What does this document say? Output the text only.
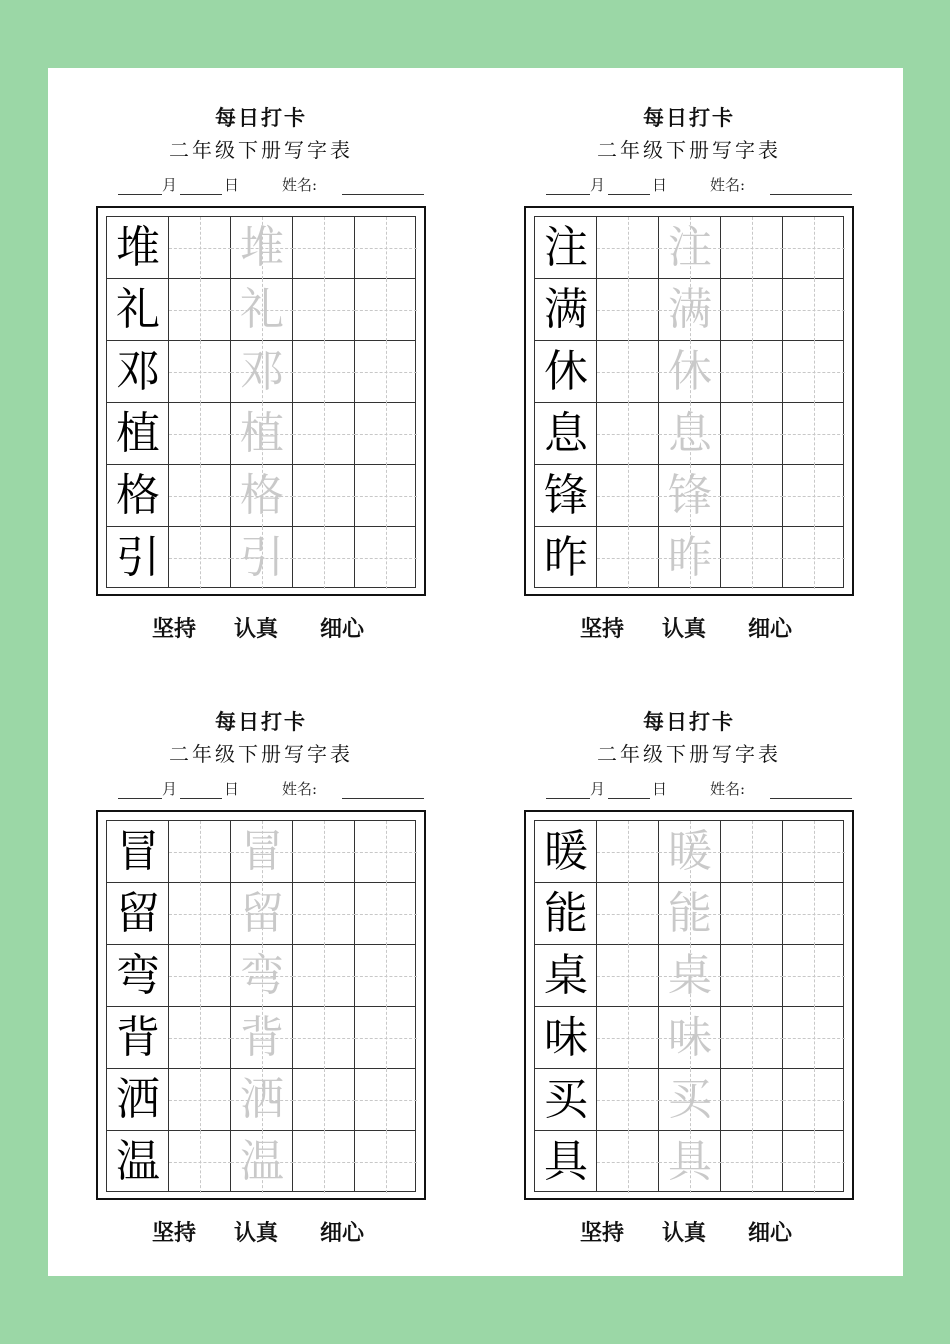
每日打卡
二年级下册写字表
月	日	姓名:
堆 堆
礼 礼
邓 邓
植 植
格 格
引 引
坚持 认真 细心
每日打卡
二年级下册写字表
月	日	姓名:
注 注
满 满
休 休
息 息
锋 锋
昨 昨
坚持 认真 细心
每日打卡
二年级下册写字表
月	日	姓名:
冒 冒
留 留
弯 弯
背 背
洒 洒
温 温
坚持 认真 细心
每日打卡
二年级下册写字表
月	日	姓名:
暖 暖
能 能
桌 桌
味 味
买 买
具 具
坚持 认真 细心
